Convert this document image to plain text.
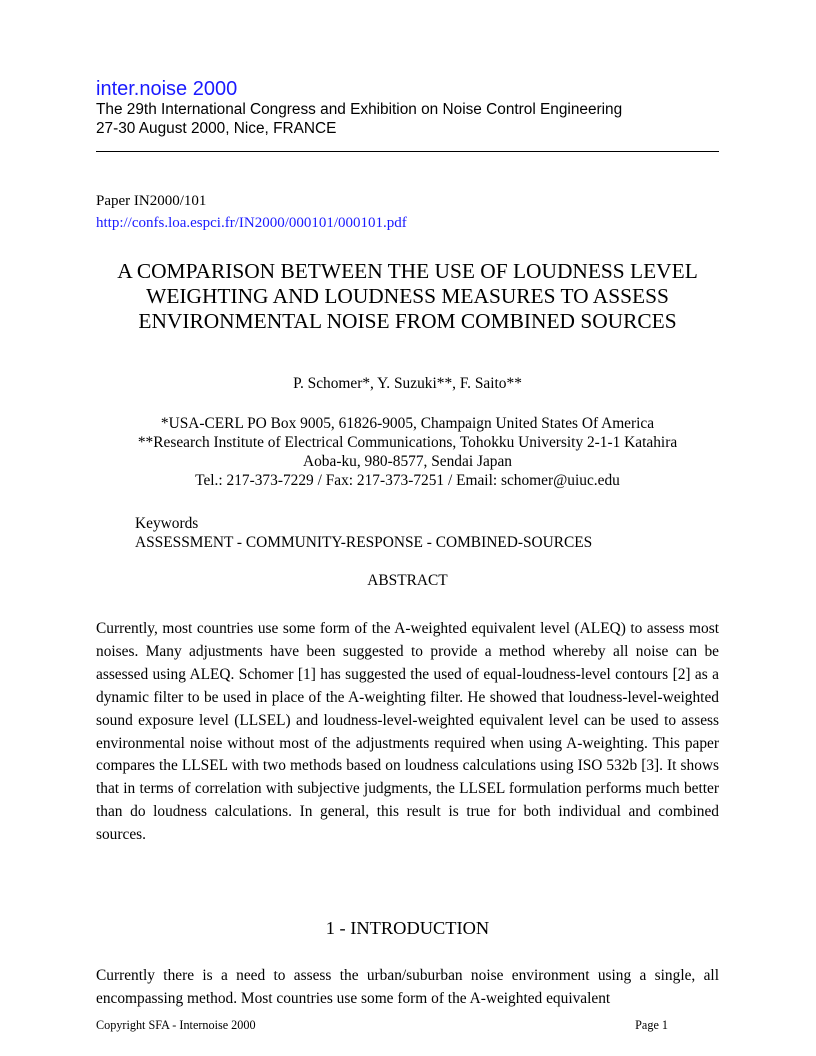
inter.noise 2000
The 29th International Congress and Exhibition on Noise Control Engineering
27-30 August 2000, Nice, FRANCE
Paper IN2000/101
http://confs.loa.espci.fr/IN2000/000101/000101.pdf
A COMPARISON BETWEEN THE USE OF LOUDNESS LEVEL WEIGHTING AND LOUDNESS MEASURES TO ASSESS ENVIRONMENTAL NOISE FROM COMBINED SOURCES
P. Schomer*, Y. Suzuki**, F. Saito**
*USA-CERL PO Box 9005, 61826-9005, Champaign United States Of America
**Research Institute of Electrical Communications, Tohokku University 2-1-1 Katahira
Aoba-ku, 980-8577, Sendai Japan
Tel.: 217-373-7229 / Fax: 217-373-7251 / Email: schomer@uiuc.edu
Keywords
ASSESSMENT - COMMUNITY-RESPONSE - COMBINED-SOURCES
ABSTRACT

Currently, most countries use some form of the A-weighted equivalent level (ALEQ) to assess most noises. Many adjustments have been suggested to provide a method whereby all noise can be assessed using ALEQ. Schomer [1] has suggested the used of equal-loudness-level contours [2] as a dynamic filter to be used in place of the A-weighting filter. He showed that loudness-level-weighted sound exposure level (LLSEL) and loudness-level-weighted equivalent level can be used to assess environmental noise without most of the adjustments required when using A-weighting. This paper compares the LLSEL with two methods based on loudness calculations using ISO 532b [3]. It shows that in terms of correlation with subjective judgments, the LLSEL formulation performs much better than do loudness calculations. In general, this result is true for both individual and combined sources.

1 - INTRODUCTION

Currently there is a need to assess the urban/suburban noise environment using a single, all encompassing method. Most countries use some form of the A-weighted equivalent

Copyright SFA - Internoise 2000	Page 1
